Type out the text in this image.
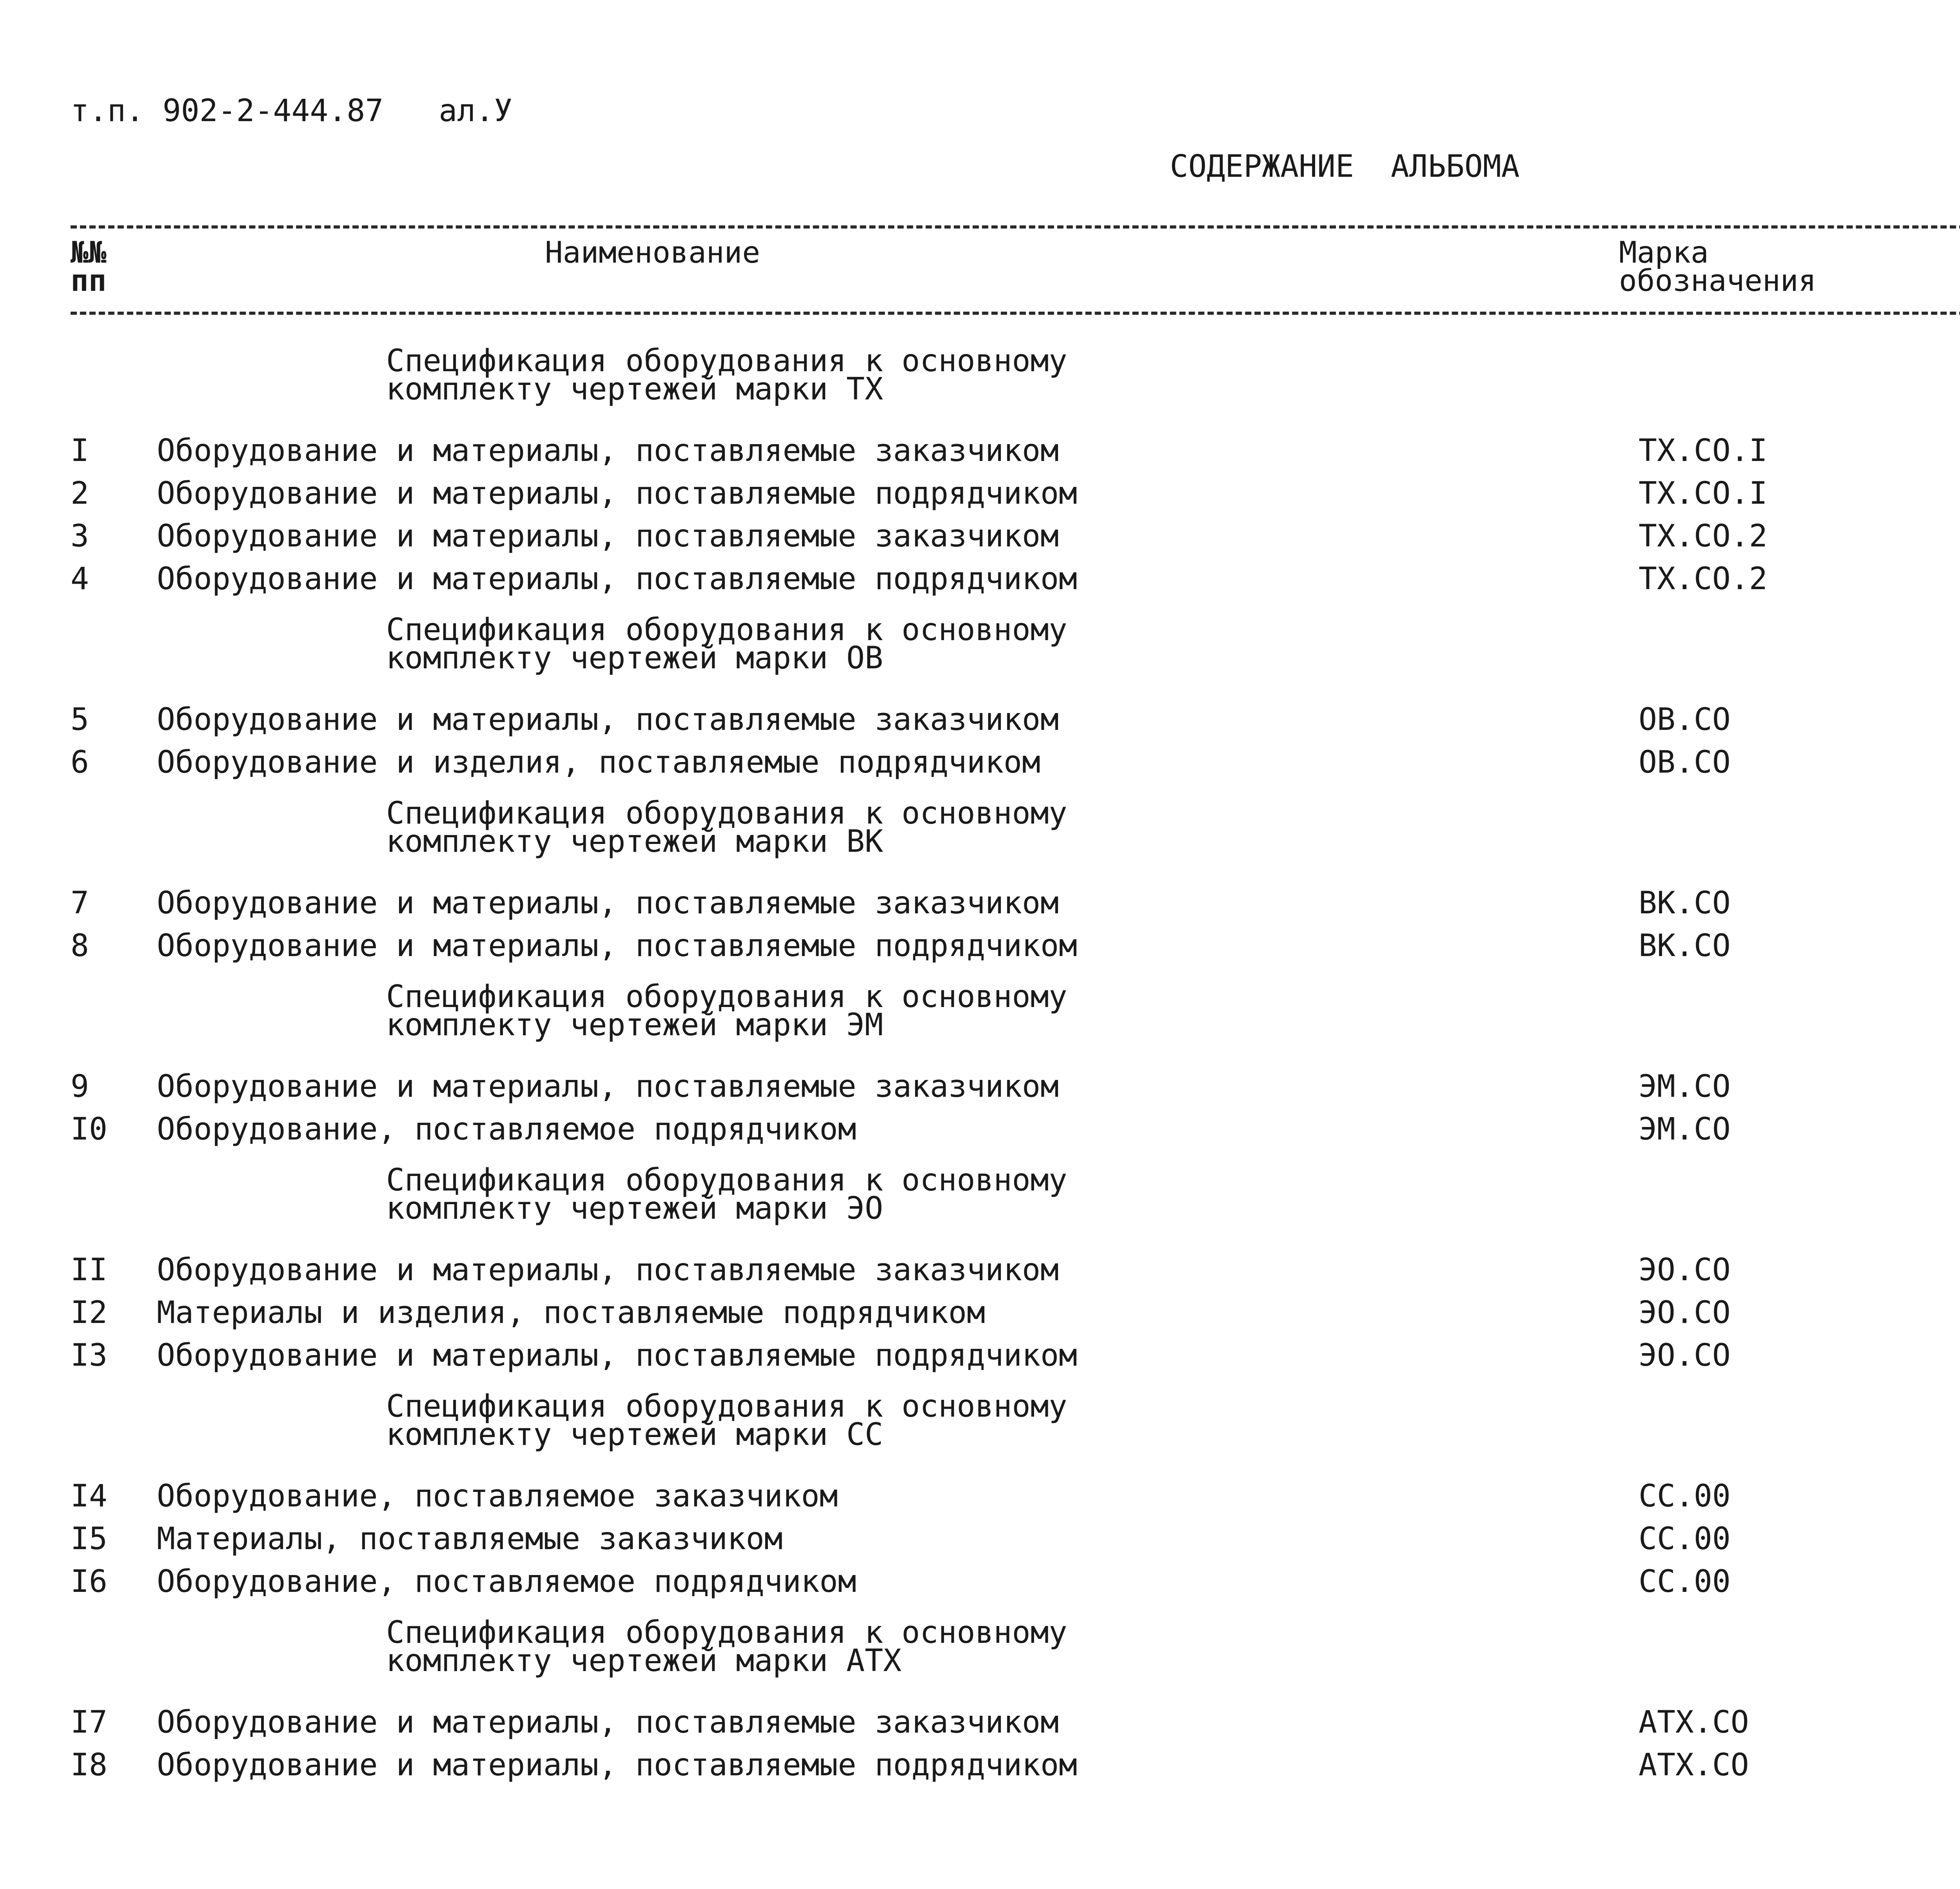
т.п. 902-2-444.87   ал.У
СОДЕРЖАНИЕ  АЛЬБОМА
№№
пп
Наименование	Марка
обозначения
Спецификация оборудования к основному
комплекту чертежей марки ТХ
I Оборудование и материалы, поставляемые заказчиком	ТХ.СО.I
2 Оборудование и материалы, поставляемые подрядчиком	ТХ.СО.I
3 Оборудование и материалы, поставляемые заказчиком	ТХ.СО.2
4 Оборудование и материалы, поставляемые подрядчиком	ТХ.СО.2
Спецификация оборудования к основному
комплекту чертежей марки ОВ
5 Оборудование и материалы, поставляемые заказчиком	ОВ.СО
6 Оборудование и изделия, поставляемые подрядчиком	ОВ.СО
Спецификация оборудования к основному
комплекту чертежей марки ВК
7 Оборудование и материалы, поставляемые заказчиком	ВК.СО
8 Оборудование и материалы, поставляемые подрядчиком	ВК.СО
Спецификация оборудования к основному
комплекту чертежей марки ЭМ
9 Оборудование и материалы, поставляемые заказчиком	ЭМ.СО
I0 Оборудование, поставляемое подрядчиком	ЭМ.СО
Спецификация оборудования к основному
комплекту чертежей марки ЭО
II Оборудование и материалы, поставляемые заказчиком	ЭО.СО
I2 Материалы и изделия, поставляемые подрядчиком	ЭО.СО
I3 Оборудование и материалы, поставляемые подрядчиком	ЭО.СО
Спецификация оборудования к основному
комплекту чертежей марки СС
I4 Оборудование, поставляемое заказчиком	СС.00
I5 Материалы, поставляемые заказчиком	СС.00
I6 Оборудование, поставляемое подрядчиком	СС.00
Спецификация оборудования к основному
комплекту чертежей марки АТХ
I7 Оборудование и материалы, поставляемые заказчиком	АТХ.СО
I8 Оборудование и материалы, поставляемые подрядчиком	АТХ.СО
